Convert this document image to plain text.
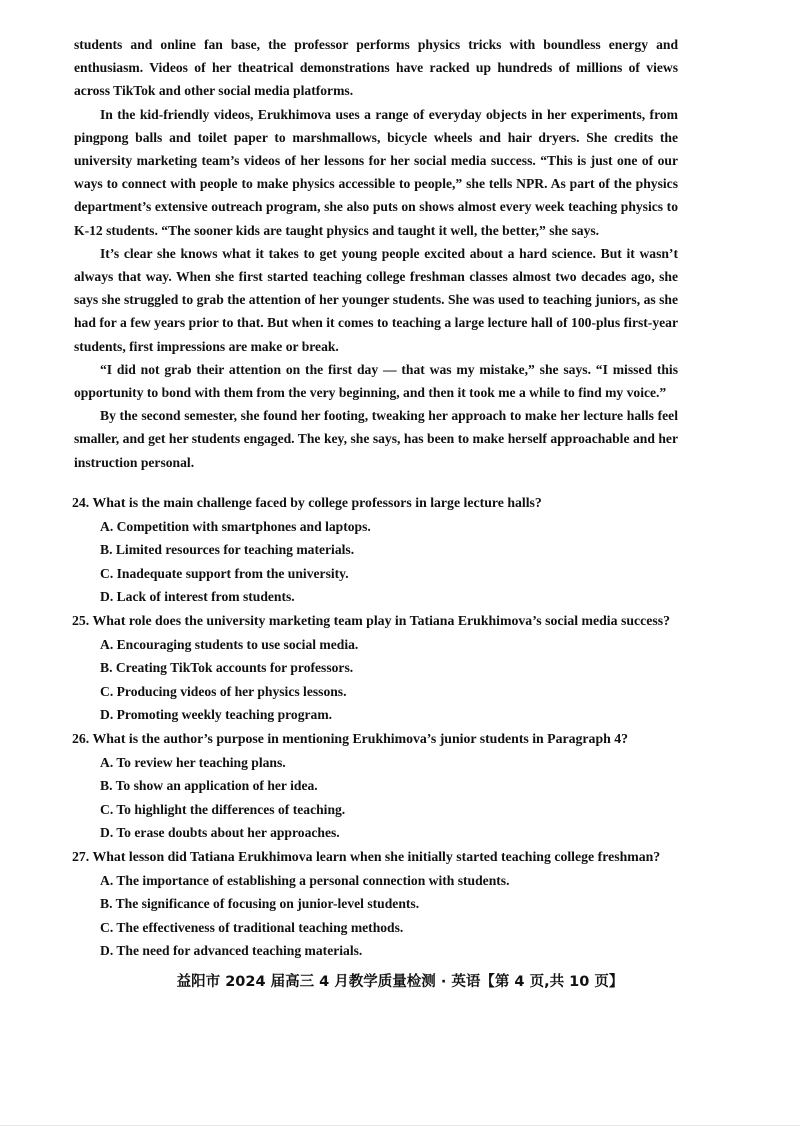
students and online fan base, the professor performs physics tricks with boundless energy and enthusiasm. Videos of her theatrical demonstrations have racked up hundreds of millions of views across TikTok and other social media platforms.

In the kid-friendly videos, Erukhimova uses a range of everyday objects in her experiments, from pingpong balls and toilet paper to marshmallows, bicycle wheels and hair dryers. She credits the university marketing team’s videos of her lessons for her social media success. “This is just one of our ways to connect with people to make physics accessible to people,” she tells NPR. As part of the physics department’s extensive outreach program, she also puts on shows almost every week teaching physics to K-12 students. “The sooner kids are taught physics and taught it well, the better,” she says.

It’s clear she knows what it takes to get young people excited about a hard science. But it wasn’t always that way. When she first started teaching college freshman classes almost two decades ago, she says she struggled to grab the attention of her younger students. She was used to teaching juniors, as she had for a few years prior to that. But when it comes to teaching a large lecture hall of 100-plus first-year students, first impressions are make or break.

“I did not grab their attention on the first day — that was my mistake,” she says. “I missed this opportunity to bond with them from the very beginning, and then it took me a while to find my voice.”

By the second semester, she found her footing, tweaking her approach to make her lecture halls feel smaller, and get her students engaged. The key, she says, has been to make herself approachable and her instruction personal.

24. What is the main challenge faced by college professors in large lecture halls?

A. Competition with smartphones and laptops.

B. Limited resources for teaching materials.

C. Inadequate support from the university.

D. Lack of interest from students.

25. What role does the university marketing team play in Tatiana Erukhimova’s social media success?

A. Encouraging students to use social media.

B. Creating TikTok accounts for professors.

C. Producing videos of her physics lessons.

D. Promoting weekly teaching program.

26. What is the author’s purpose in mentioning Erukhimova’s junior students in Paragraph 4?

A. To review her teaching plans.

B. To show an application of her idea.

C. To highlight the differences of teaching.

D. To erase doubts about her approaches.

27. What lesson did Tatiana Erukhimova learn when she initially started teaching college freshman?

A. The importance of establishing a personal connection with students.

B. The significance of focusing on junior-level students.

C. The effectiveness of traditional teaching methods.

D. The need for advanced teaching materials.

益阳市 2024 届高三 4 月教学质量检测 · 英语【第 4 页,共 10 页】
